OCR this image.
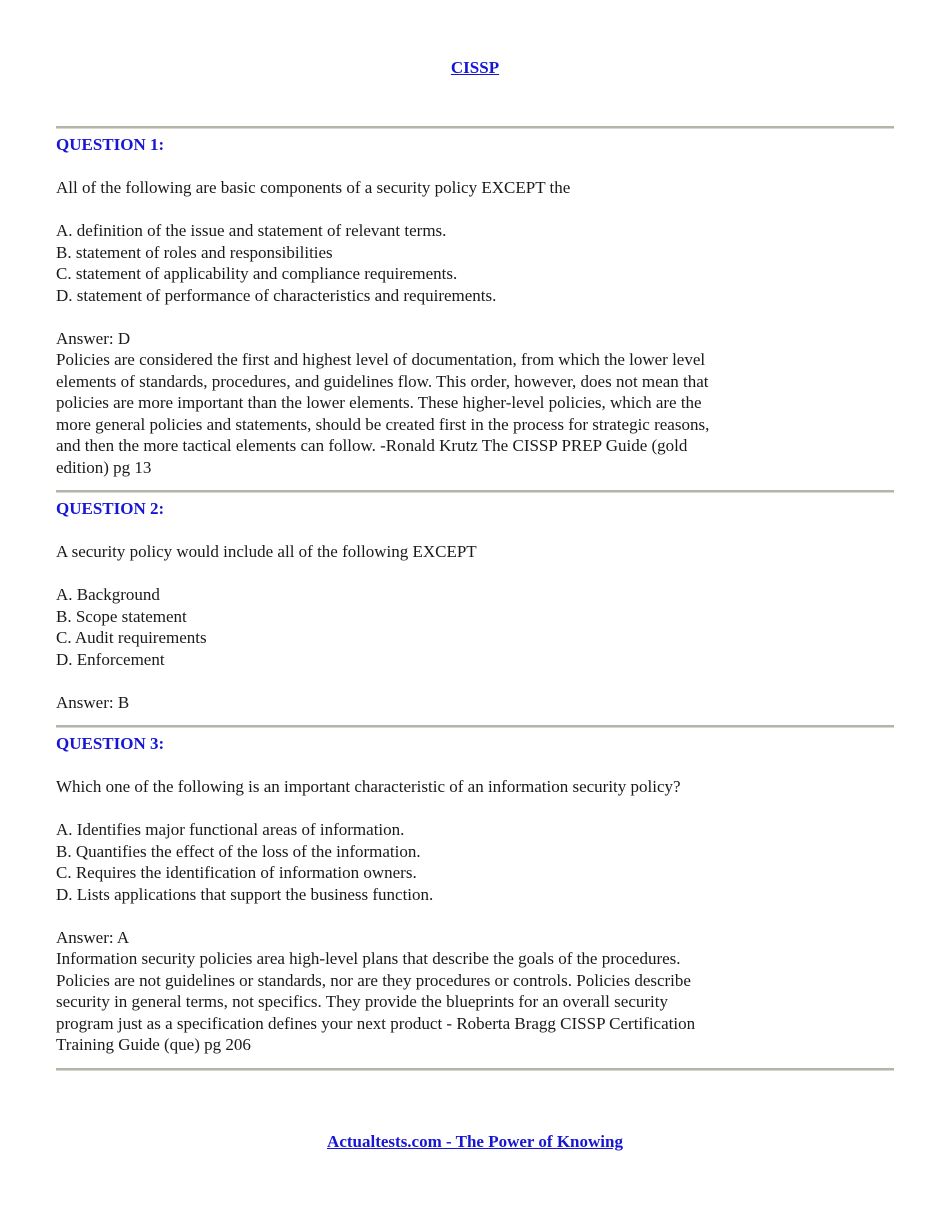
CISSP

QUESTION 1:

All of the following are basic components of a security policy EXCEPT the

A. definition of the issue and statement of relevant terms.

B. statement of roles and responsibilities

C. statement of applicability and compliance requirements.

D. statement of performance of characteristics and requirements.

Answer: D

Policies are considered the first and highest level of documentation, from which the lower level
elements of standards, procedures, and guidelines flow. This order, however, does not mean that
policies are more important than the lower elements. These higher-level policies, which are the
more general policies and statements, should be created first in the process for strategic reasons,
and then the more tactical elements can follow. -Ronald Krutz The CISSP PREP Guide (gold
edition) pg 13

QUESTION 2:

A security policy would include all of the following EXCEPT

A. Background

B. Scope statement

C. Audit requirements

D. Enforcement

Answer: B

QUESTION 3:

Which one of the following is an important characteristic of an information security policy?

A. Identifies major functional areas of information.

B. Quantifies the effect of the loss of the information.

C. Requires the identification of information owners.

D. Lists applications that support the business function.

Answer: A

Information security policies area high-level plans that describe the goals of the procedures.
Policies are not guidelines or standards, nor are they procedures or controls. Policies describe
security in general terms, not specifics. They provide the blueprints for an overall security
program just as a specification defines your next product - Roberta Bragg CISSP Certification
Training Guide (que) pg 206

Actualtests.com - The Power of Knowing
